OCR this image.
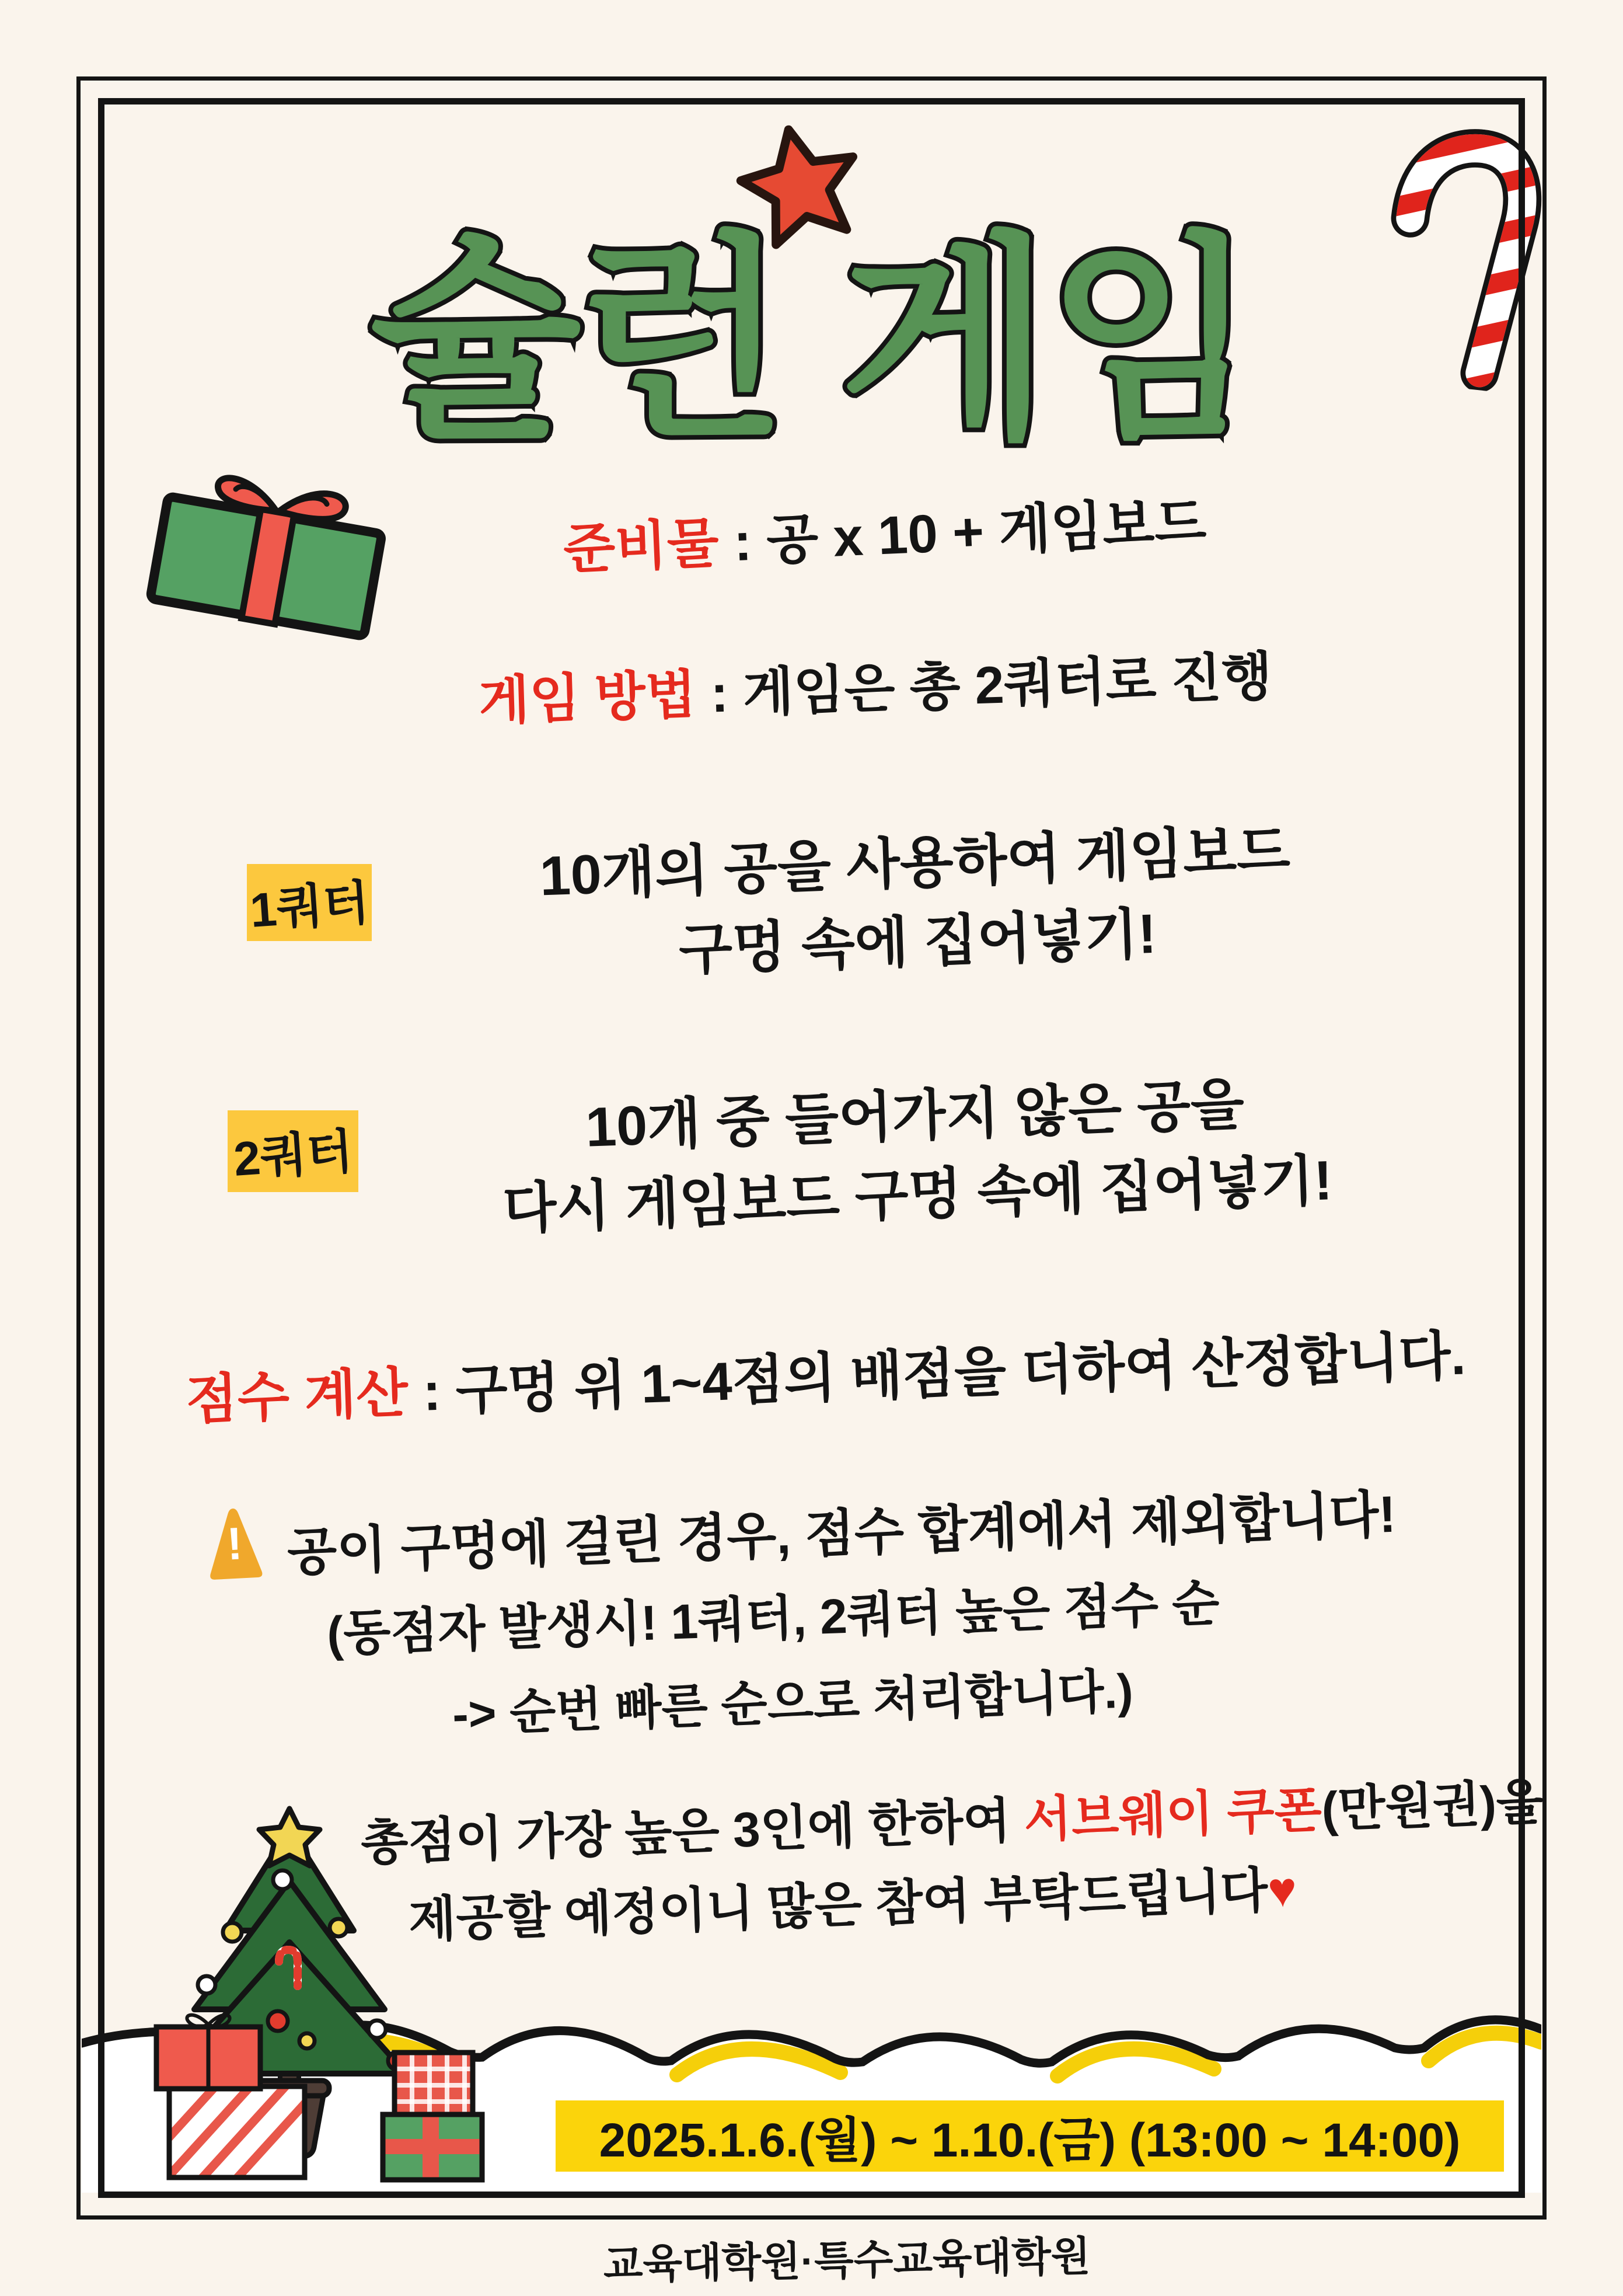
슐런 게임
준비물 : 공 x 10 + 게임보드
게임 방법 : 게임은 총 2쿼터로 진행
1쿼터	10개의 공을 사용하여 게임보드
구멍 속에 집어넣기!
2쿼터	10개 중 들어가지 않은 공을
다시 게임보드 구멍 속에 집어넣기!
점수 계산 : 구멍 위 1~4점의 배점을 더하여 산정합니다.
! 공이 구멍에 걸린 경우, 점수 합계에서 제외합니다!
(동점자 발생시! 1쿼터, 2쿼터 높은 점수 순
-> 순번 빠른 순으로 처리합니다.)
총점이 가장 높은 3인에 한하여 서브웨이 쿠폰(만원권)을
제공할 예정이니 많은 참여 부탁드립니다♥
2025.1.6.(월) ~ 1.10.(금) (13:00 ~ 14:00)
교육대학원·특수교육대학원
